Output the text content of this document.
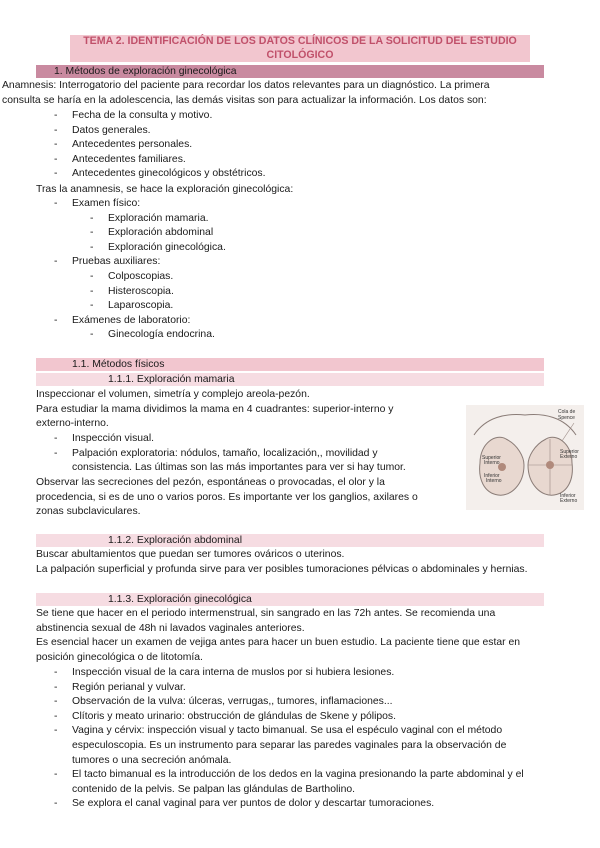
TEMA 2. IDENTIFICACIÓN DE LOS DATOS CLÍNICOS DE LA SOLICITUD DEL ESTUDIO CITOLÓGICO
1. Métodos de exploración ginecológica
Anamnesis: Interrogatorio del paciente para recordar los datos relevantes para un diagnóstico. La primera
consulta se haría en la adolescencia, las demás visitas son para actualizar la información. Los datos son:
- Fecha de la consulta y motivo.
- Datos generales.
- Antecedentes personales.
- Antecedentes familiares.
- Antecedentes ginecológicos y obstétricos.
Tras la anamnesis, se hace la exploración ginecológica:
- Examen físico:
- Exploración mamaria.
- Exploración abdominal
- Exploración ginecológica.
- Pruebas auxiliares:
- Colposcopias.
- Histeroscopia.
- Laparoscopia.
- Exámenes de laboratorio:
- Ginecología endocrina.
1.1. Métodos físicos
1.1.1. Exploración mamaria
Inspeccionar el volumen, simetría y complejo areola-pezón.
Para estudiar la mama dividimos la mama en 4 cuadrantes: superior-interno y
externo-interno.
- Inspección visual.
- Palpación exploratoria: nódulos, tamaño, localización,, movilidad y
consistencia. Las últimas son las más importantes para ver si hay tumor.
Observar las secreciones del pezón, espontáneas o provocadas, el olor y la
procedencia, si es de uno o varios poros. Es importante ver los ganglios, axilares o
zonas subclaviculares.
Cola de
Spence
Superior
Interno
Superior
Externo
Inferior
Interno
Inferior
Externo
1.1.2. Exploración abdominal
Buscar abultamientos que puedan ser tumores ováricos o uterinos.
La palpación superficial y profunda sirve para ver posibles tumoraciones pélvicas o abdominales y hernias.
1.1.3. Exploración ginecológica
Se tiene que hacer en el periodo intermenstrual, sin sangrado en las 72h antes. Se recomienda una
abstinencia sexual de 48h ni lavados vaginales anteriores.
Es esencial hacer un examen de vejiga antes para hacer un buen estudio. La paciente tiene que estar en
posición ginecológica o de litotomía.
- Inspección visual de la cara interna de muslos por si hubiera lesiones.
- Región perianal y vulvar.
- Observación de la vulva: úlceras, verrugas,, tumores, inflamaciones...
- Clítoris y meato urinario: obstrucción de glándulas de Skene y pólipos.
- Vagina y cérvix: inspección visual y tacto bimanual. Se usa el espéculo vaginal con el método
especuloscopia. Es un instrumento para separar las paredes vaginales para la observación de
tumores o una secreción anómala.
- El tacto bimanual es la introducción de los dedos en la vagina presionando la parte abdominal y el
contenido de la pelvis. Se palpan las glándulas de Bartholino.
- Se explora el canal vaginal para ver puntos de dolor y descartar tumoraciones.
